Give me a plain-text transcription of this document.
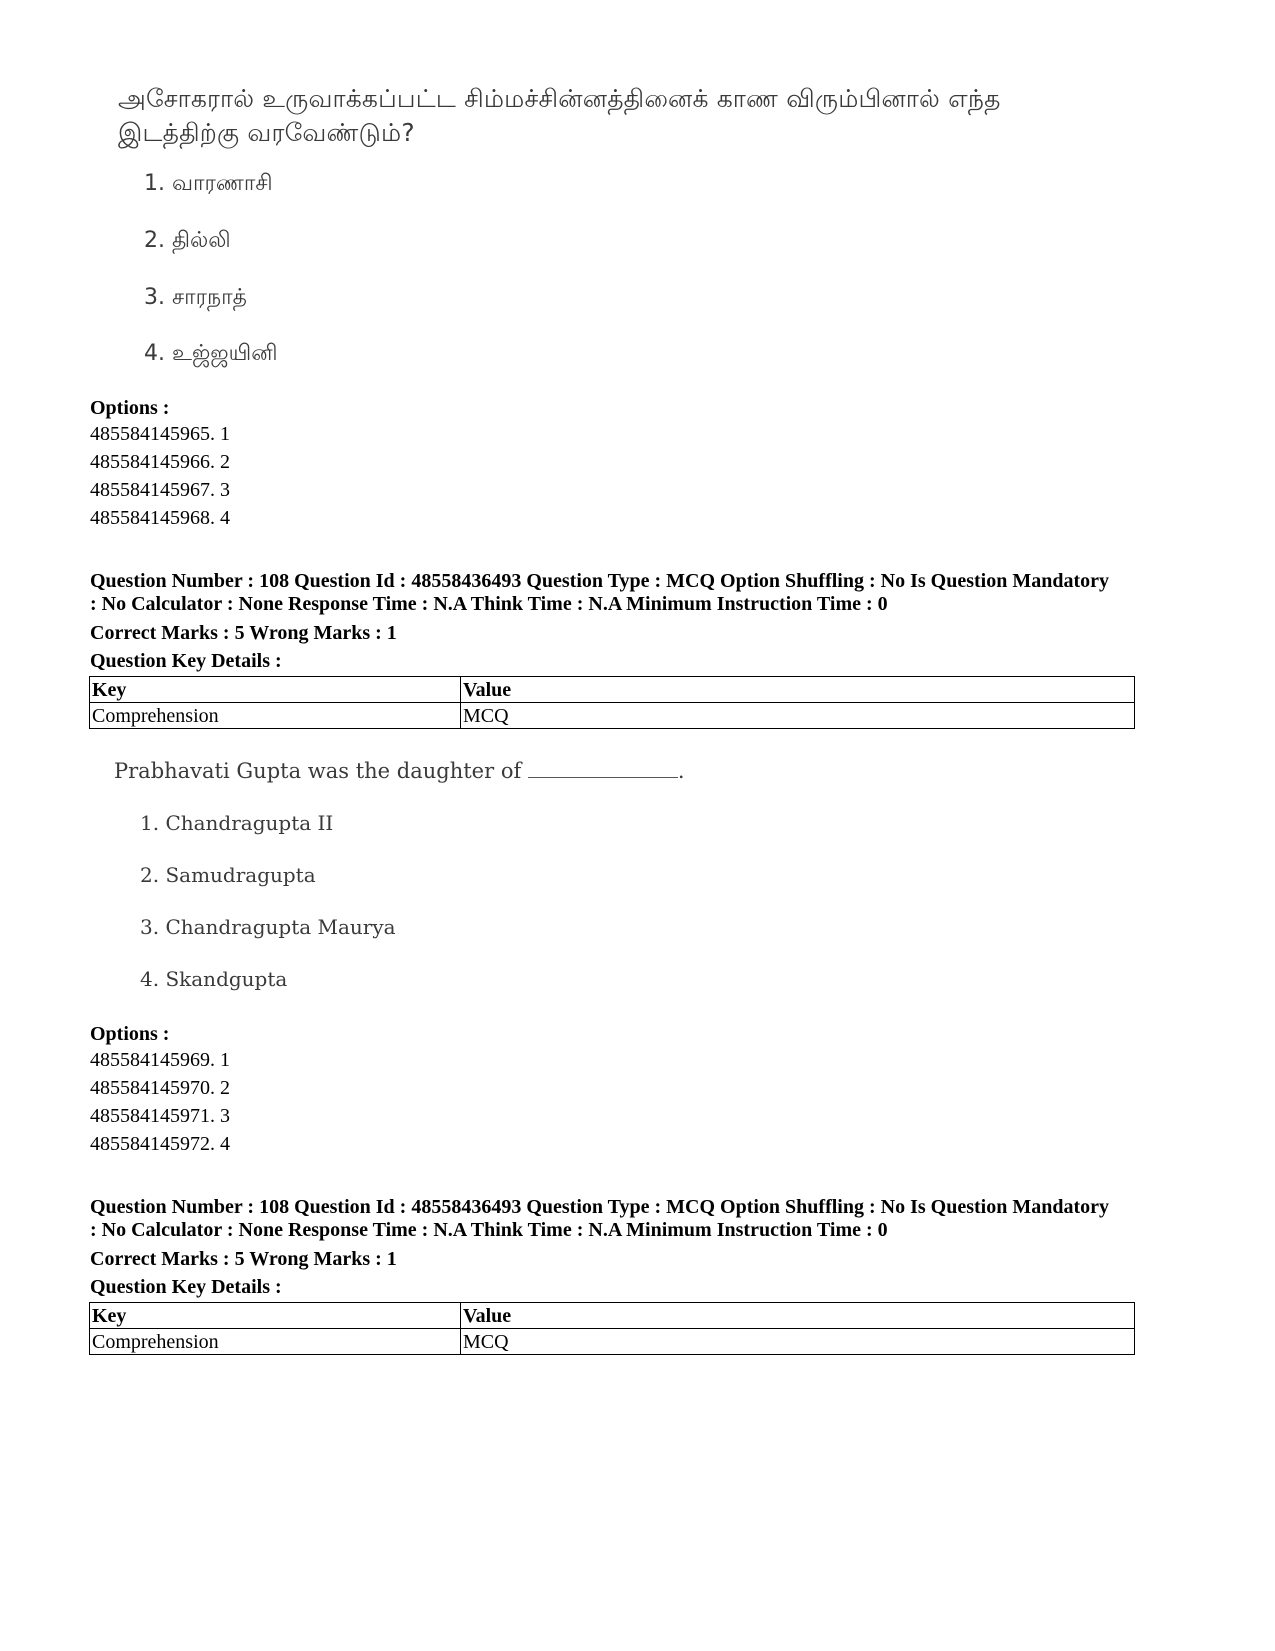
அசோகரால் உருவாக்கப்பட்ட சிம்மச்சின்னத்தினைக் காண விரும்பினால் எந்த
இடத்திற்கு வரவேண்டும்?
1. வாரணாசி
2. தில்லி
3. சாரநாத்
4. உஜ்ஜயினி
Options :
485584145965. 1
485584145966. 2
485584145967. 3
485584145968. 4
Question Number : 108 Question Id : 48558436493 Question Type : MCQ Option Shuffling : No Is Question Mandatory
: No Calculator : None Response Time : N.A Think Time : N.A Minimum Instruction Time : 0
Correct Marks : 5 Wrong Marks : 1
Question Key Details :
Key	Value
Comprehension	MCQ
Prabhavati Gupta was the daughter of	.
1. Chandragupta II
2. Samudragupta
3. Chandragupta Maurya
4. Skandgupta
Options :
485584145969. 1
485584145970. 2
485584145971. 3
485584145972. 4
Question Number : 108 Question Id : 48558436493 Question Type : MCQ Option Shuffling : No Is Question Mandatory
: No Calculator : None Response Time : N.A Think Time : N.A Minimum Instruction Time : 0
Correct Marks : 5 Wrong Marks : 1
Question Key Details :
Key	Value
Comprehension	MCQ
